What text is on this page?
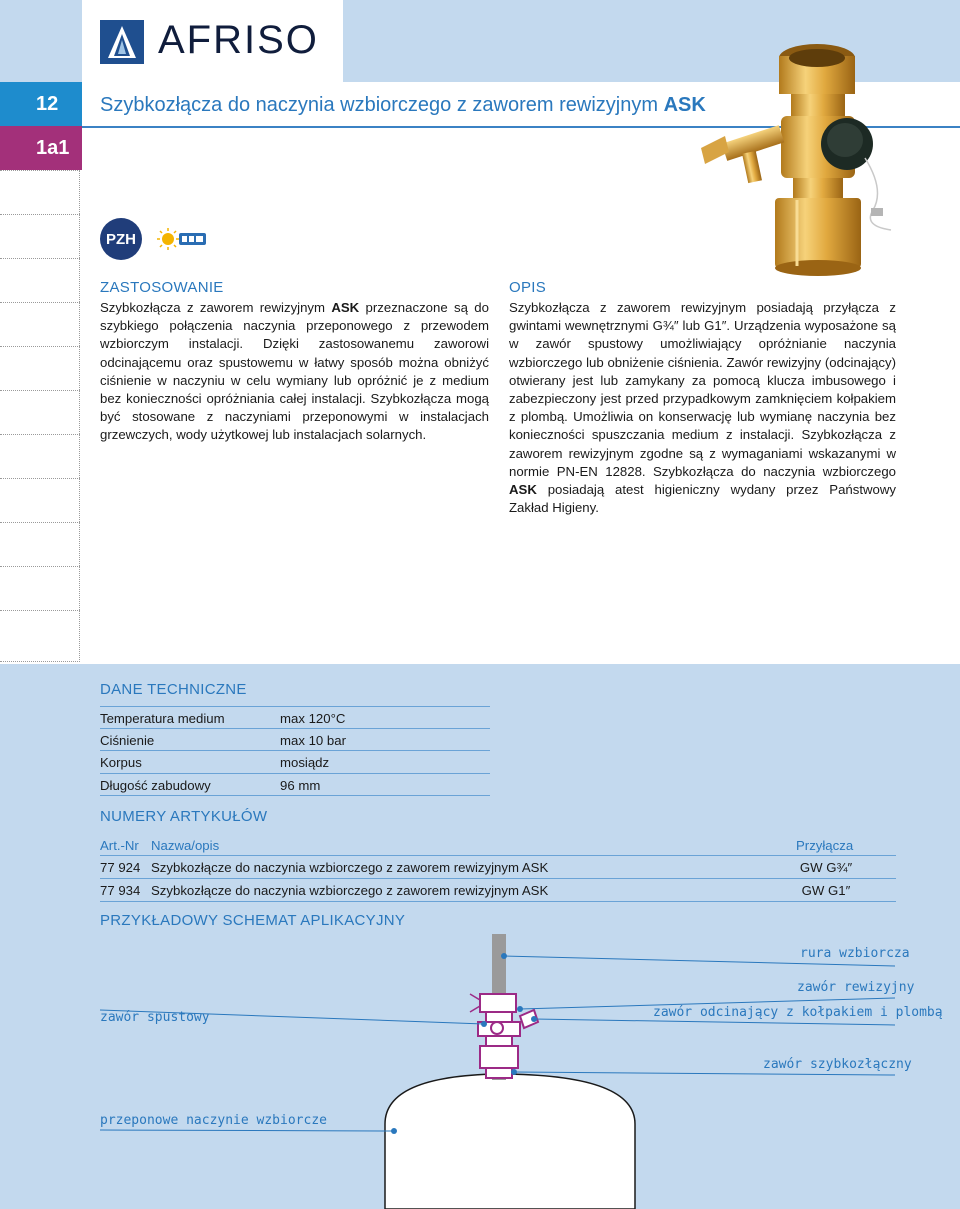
AFRISO
12
1a1
Szybkozłącza do naczynia wzbiorczego z zaworem rewizyjnym ASK
PZH
ZASTOSOWANIE
Szybkozłącza z zaworem rewizyjnym ASK przeznaczone są do szybkiego połączenia naczynia przeponowego z przewodem wzbiorczym instalacji. Dzięki zastosowanemu zaworowi odcinającemu oraz spustowemu w łatwy sposób można obniżyć ciśnienie w naczyniu w celu wymiany lub opróżnić je z medium bez konieczności opróżniania całej instalacji. Szybkozłącza mogą być stosowane z naczyniami przeponowymi w instalacjach grzewczych, wody użytkowej lub instalacjach solarnych.
OPIS
Szybkozłącza z zaworem rewizyjnym posiadają przyłącza z gwintami wewnętrznymi G¾″ lub G1″. Urządzenia wyposażone są w zawór spustowy umożliwiający opróżnianie naczynia wzbiorczego lub obniżenie ciśnienia. Zawór rewizyjny (odcinający) otwierany jest lub zamykany za pomocą klucza imbusowego i zabezpieczony jest przed przypadkowym zamknięciem kołpakiem z plombą. Umożliwia on konserwację lub wymianę naczynia bez konieczności spuszczania medium z instalacji. Szybkozłącza z zaworem rewizyjnym zgodne są z wymaganiami wskazanymi w normie PN-EN 12828. Szybkozłącza do naczynia wzbiorczego ASK posiadają atest higieniczny wydany przez Państwowy Zakład Higieny.
DANE TECHNICZNE
Temperatura medium	max 120°C
Ciśnienie	max 10 bar
Korpus	mosiądz
Długość zabudowy	96 mm
NUMERY ARTYKUŁÓW
Art.-Nr Nazwa/opis	Przyłącza
77 924 Szybkozłącze do naczynia wzbiorczego z zaworem rewizyjnym ASK	GW G¾″
77 934 Szybkozłącze do naczynia wzbiorczego z zaworem rewizyjnym ASK	GW G1″
PRZYKŁADOWY SCHEMAT APLIKACYJNY
rura wzbiorcza
zawór rewizyjny
zawór odcinający z kołpakiem i plombą
zawór szybkozłączny
zawór spustowy
przeponowe naczynie wzbiorcze
